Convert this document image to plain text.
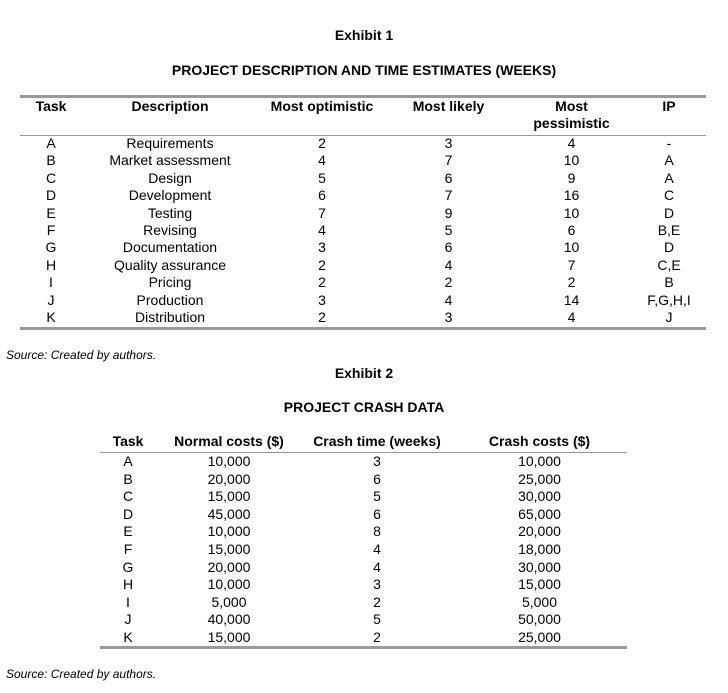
Exhibit 1
PROJECT DESCRIPTION AND TIME ESTIMATES (WEEKS)
Task	Description	Most optimistic	Most likely	Most
pessimistic	IP

A	Requirements	2	3	4	-
B	Market assessment	4	7	10	A
C	Design	5	6	9	A
D	Development	6	7	16	C
E	Testing	7	9	10	D
F	Revising	4	5	6	B,E
G	Documentation	3	6	10	D
H	Quality assurance	2	4	7	C,E
I	Pricing	2	2	2	B
J	Production	3	4	14	F,G,H,I
K	Distribution	2	3	4	J
Source: Created by authors.
Exhibit 2
PROJECT CRASH DATA
Task	Normal costs ($)	Crash time (weeks)	Crash costs ($)
A	10,000	3	10,000
B	20,000	6	25,000
C	15,000	5	30,000
D	45,000	6	65,000
E	10,000	8	20,000
F	15,000	4	18,000
G	20,000	4	30,000
H	10,000	3	15,000
I	5,000	2	5,000
J	40,000	5	50,000
K	15,000	2	25,000
Source: Created by authors.
